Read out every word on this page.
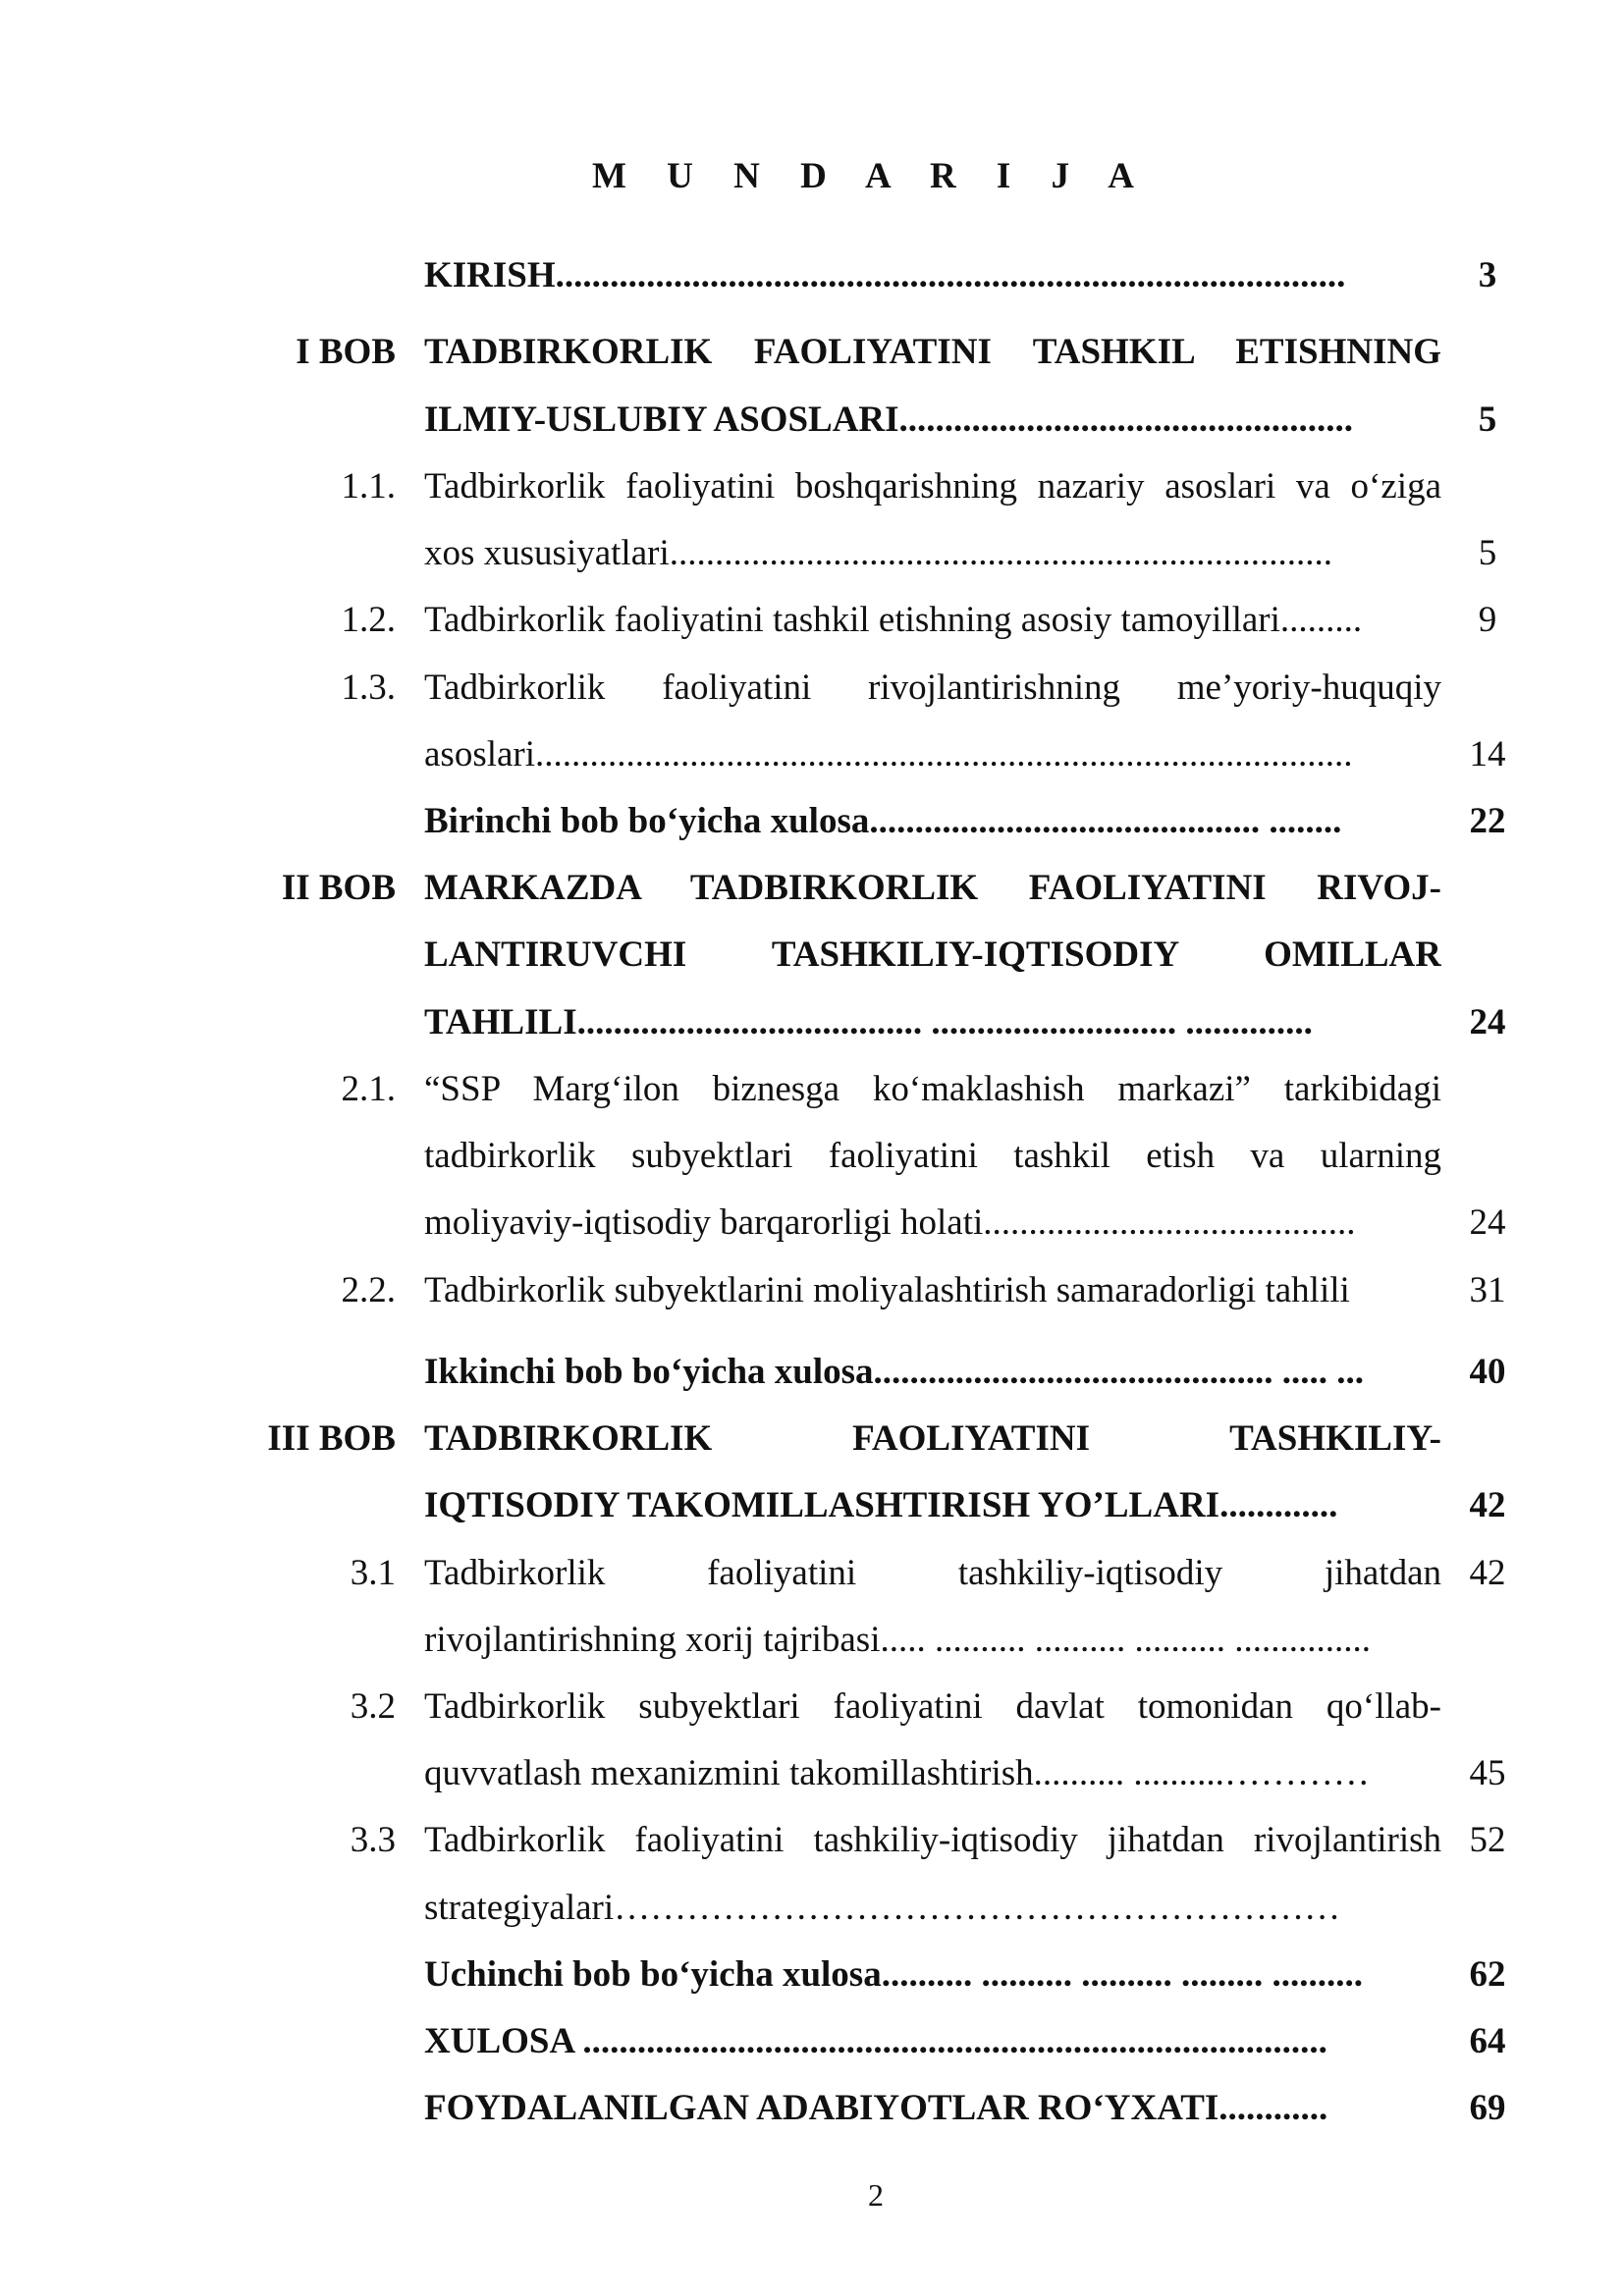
M U N D A R I J A
KIRISH.......................................................................................	3
I BOB TADBIRKORLIK FAOLIYATINI TASHKIL ETISHNING
ILMIY-USLUBIY ASOSLARI..................................................	5
1.1. Tadbirkorlik faoliyatini boshqarishning nazariy asoslari va o‘ziga
xos xususiyatlari.........................................................................	5
1.2. Tadbirkorlik faoliyatini tashkil etishning asosiy tamoyillari.........	9
1.3. Tadbirkorlik faoliyatini rivojlantirishning me’yoriy-huquqiy
asoslari..........................................................................................	14
Birinchi bob bo‘yicha xulosa........................................... ........	22
II BOB MARKAZDA TADBIRKORLIK FAOLIYATINI RIVOJ-
LANTIRUVCHI TASHKILIY-IQTISODIY OMILLAR
TAHLILI...................................... ........................... ..............	24
2.1. “SSP Marg‘ilon biznesga ko‘maklashish markazi” tarkibidagi
tadbirkorlik subyektlari faoliyatini tashkil etish va ularning
moliyaviy-iqtisodiy barqarorligi holati.........................................	24
2.2. Tadbirkorlik subyektlarini moliyalashtirish samaradorligi tahlili	31
Ikkinchi bob bo‘yicha xulosa............................................ ..... ...	40
III BOB TADBIRKORLIK FAOLIYATINI TASHKILIY-
IQTISODIY TAKOMILLASHTIRISH YO’LLARI.............	42
3.1 Tadbirkorlik faoliyatini tashkiliy-iqtisodiy jihatdan 42
rivojlantirishning xorij tajribasi..... .......... .......... .......... ...............
3.2 Tadbirkorlik subyektlari faoliyatini davlat tomonidan qo‘llab-
quvvatlash mexanizmini takomillashtirish.......... ..........…………	45
3.3 Tadbirkorlik faoliyatini tashkiliy-iqtisodiy jihatdan rivojlantirish 52
strategiyalari……………………………………………………
Uchinchi bob bo‘yicha xulosa.......... .......... .......... ......... ..........	62
XULOSA ..................................................................................	64
FOYDALANILGAN ADABIYOTLAR RO‘YXATI............	69
2
